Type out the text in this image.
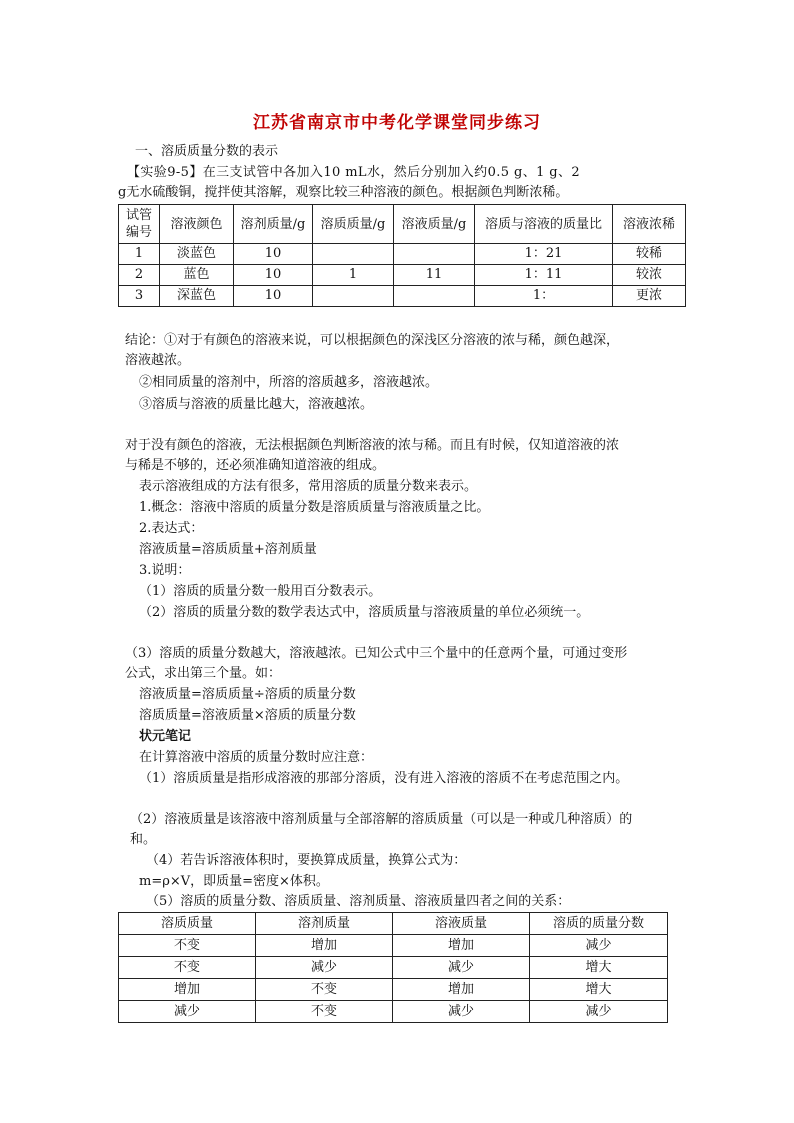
江苏省南京市中考化学课堂同步练习
一、溶质质量分数的表示
【实验9-5】在三支试管中各加入10 mL水，然后分别加入约0.5 g、1 g、2
g无水硫酸铜，搅拌使其溶解，观察比较三种溶液的颜色。根据颜色判断浓稀。
试管
编号	溶液颜色	溶剂质量/g	溶质质量/g	溶液质量/g	溶质与溶液的质量比	溶液浓稀
1	淡蓝色	10			1：21	较稀
2	蓝色	10	1	11	1：11	较浓
3	深蓝色	10			1：	更浓
结论：①对于有颜色的溶液来说，可以根据颜色的深浅区分溶液的浓与稀，颜色越深，
溶液越浓。
②相同质量的溶剂中，所溶的溶质越多，溶液越浓。
③溶质与溶液的质量比越大，溶液越浓。
对于没有颜色的溶液，无法根据颜色判断溶液的浓与稀。而且有时候，仅知道溶液的浓
与稀是不够的，还必须准确知道溶液的组成。
表示溶液组成的方法有很多，常用溶质的质量分数来表示。
1.概念：溶液中溶质的质量分数是溶质质量与溶液质量之比。
2.表达式：
溶液质量=溶质质量+溶剂质量
3.说明：
（1）溶质的质量分数一般用百分数表示。
（2）溶质的质量分数的数学表达式中，溶质质量与溶液质量的单位必须统一。
（3）溶质的质量分数越大，溶液越浓。已知公式中三个量中的任意两个量，可通过变形
公式，求出第三个量。如：
溶液质量=溶质质量÷溶质的质量分数
溶质质量=溶液质量×溶质的质量分数
状元笔记
在计算溶液中溶质的质量分数时应注意：
（1）溶质质量是指形成溶液的那部分溶质，没有进入溶液的溶质不在考虑范围之内。
（2）溶液质量是该溶液中溶剂质量与全部溶解的溶质质量（可以是一种或几种溶质）的
和。
（4）若告诉溶液体积时，要换算成质量，换算公式为：
m=ρ×V，即质量=密度×体积。
（5）溶质的质量分数、溶质质量、溶剂质量、溶液质量四者之间的关系：
溶质质量	溶剂质量	溶液质量	溶质的质量分数
不变	增加	增加	减少
不变	减少	减少	增大
增加	不变	增加	增大
减少	不变	减少	减少
